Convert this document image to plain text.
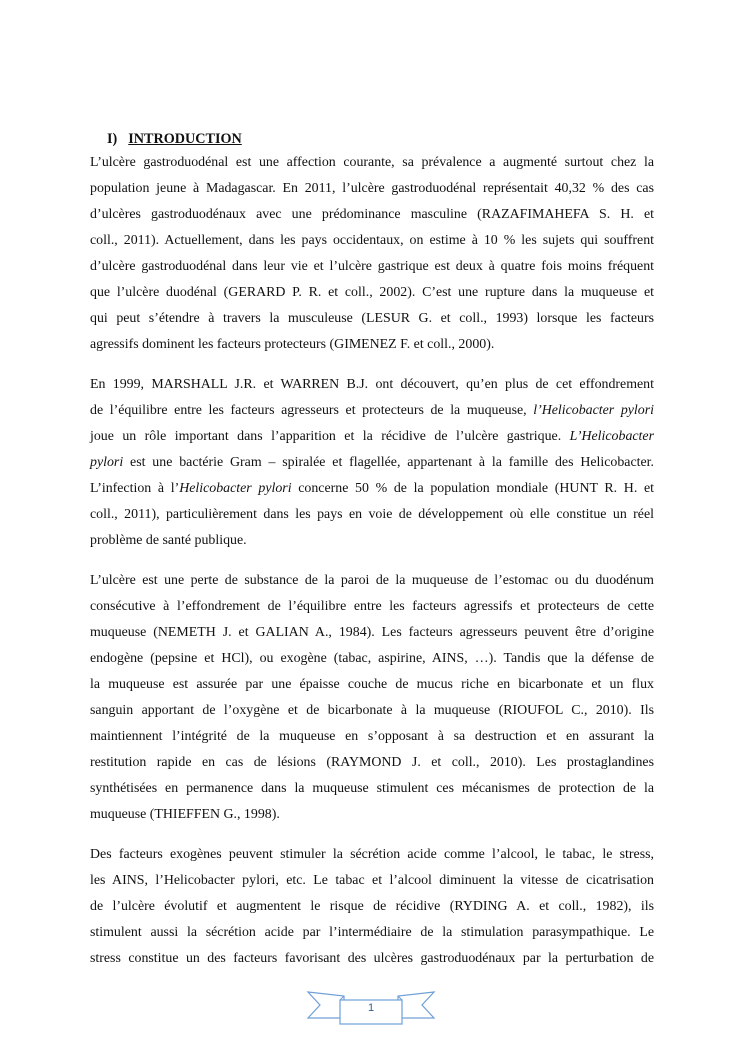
I) INTRODUCTION
L’ulcère gastroduodénal est une affection courante, sa prévalence a augmenté surtout chez la
population jeune à Madagascar. En 2011, l’ulcère gastroduodénal représentait 40,32 % des cas
d’ulcères gastroduodénaux avec une prédominance masculine (RAZAFIMAHEFA S. H. et
coll., 2011). Actuellement, dans les pays occidentaux, on estime à 10 % les sujets qui souffrent
d’ulcère gastroduodénal dans leur vie et l’ulcère gastrique est deux à quatre fois moins fréquent
que l’ulcère duodénal (GERARD P. R. et coll., 2002). C’est une rupture dans la muqueuse et
qui peut s’étendre à travers la musculeuse (LESUR G. et coll., 1993) lorsque les facteurs
agressifs dominent les facteurs protecteurs (GIMENEZ F. et coll., 2000).
En 1999, MARSHALL J.R. et WARREN B.J. ont découvert, qu’en plus de cet effondrement
de l’équilibre entre les facteurs agresseurs et protecteurs de la muqueuse, l’Helicobacter pylori
joue un rôle important dans l’apparition et la récidive de l’ulcère gastrique. L’Helicobacter
pylori est une bactérie Gram – spiralée et flagellée, appartenant à la famille des Helicobacter.
L’infection à l’Helicobacter pylori concerne 50 % de la population mondiale (HUNT R. H. et
coll., 2011), particulièrement dans les pays en voie de développement où elle constitue un réel
problème de santé publique.
L’ulcère est une perte de substance de la paroi de la muqueuse de l’estomac ou du duodénum
consécutive à l’effondrement de l’équilibre entre les facteurs agressifs et protecteurs de cette
muqueuse (NEMETH J. et GALIAN A., 1984). Les facteurs agresseurs peuvent être d’origine
endogène (pepsine et HCl), ou exogène (tabac, aspirine, AINS, …). Tandis que la défense de
la muqueuse est assurée par une épaisse couche de mucus riche en bicarbonate et un flux
sanguin apportant de l’oxygène et de bicarbonate à la muqueuse (RIOUFOL C., 2010). Ils
maintiennent l’intégrité de la muqueuse en s’opposant à sa destruction et en assurant la
restitution rapide en cas de lésions (RAYMOND J. et coll., 2010). Les prostaglandines
synthétisées en permanence dans la muqueuse stimulent ces mécanismes de protection de la
muqueuse (THIEFFEN G., 1998).
Des facteurs exogènes peuvent stimuler la sécrétion acide comme l’alcool, le tabac, le stress,
les AINS, l’Helicobacter pylori, etc. Le tabac et l’alcool diminuent la vitesse de cicatrisation
de l’ulcère évolutif et augmentent le risque de récidive (RYDING A. et coll., 1982), ils
stimulent aussi la sécrétion acide par l’intermédiaire de la stimulation parasympathique. Le
stress constitue un des facteurs favorisant des ulcères gastroduodénaux par la perturbation de
1
